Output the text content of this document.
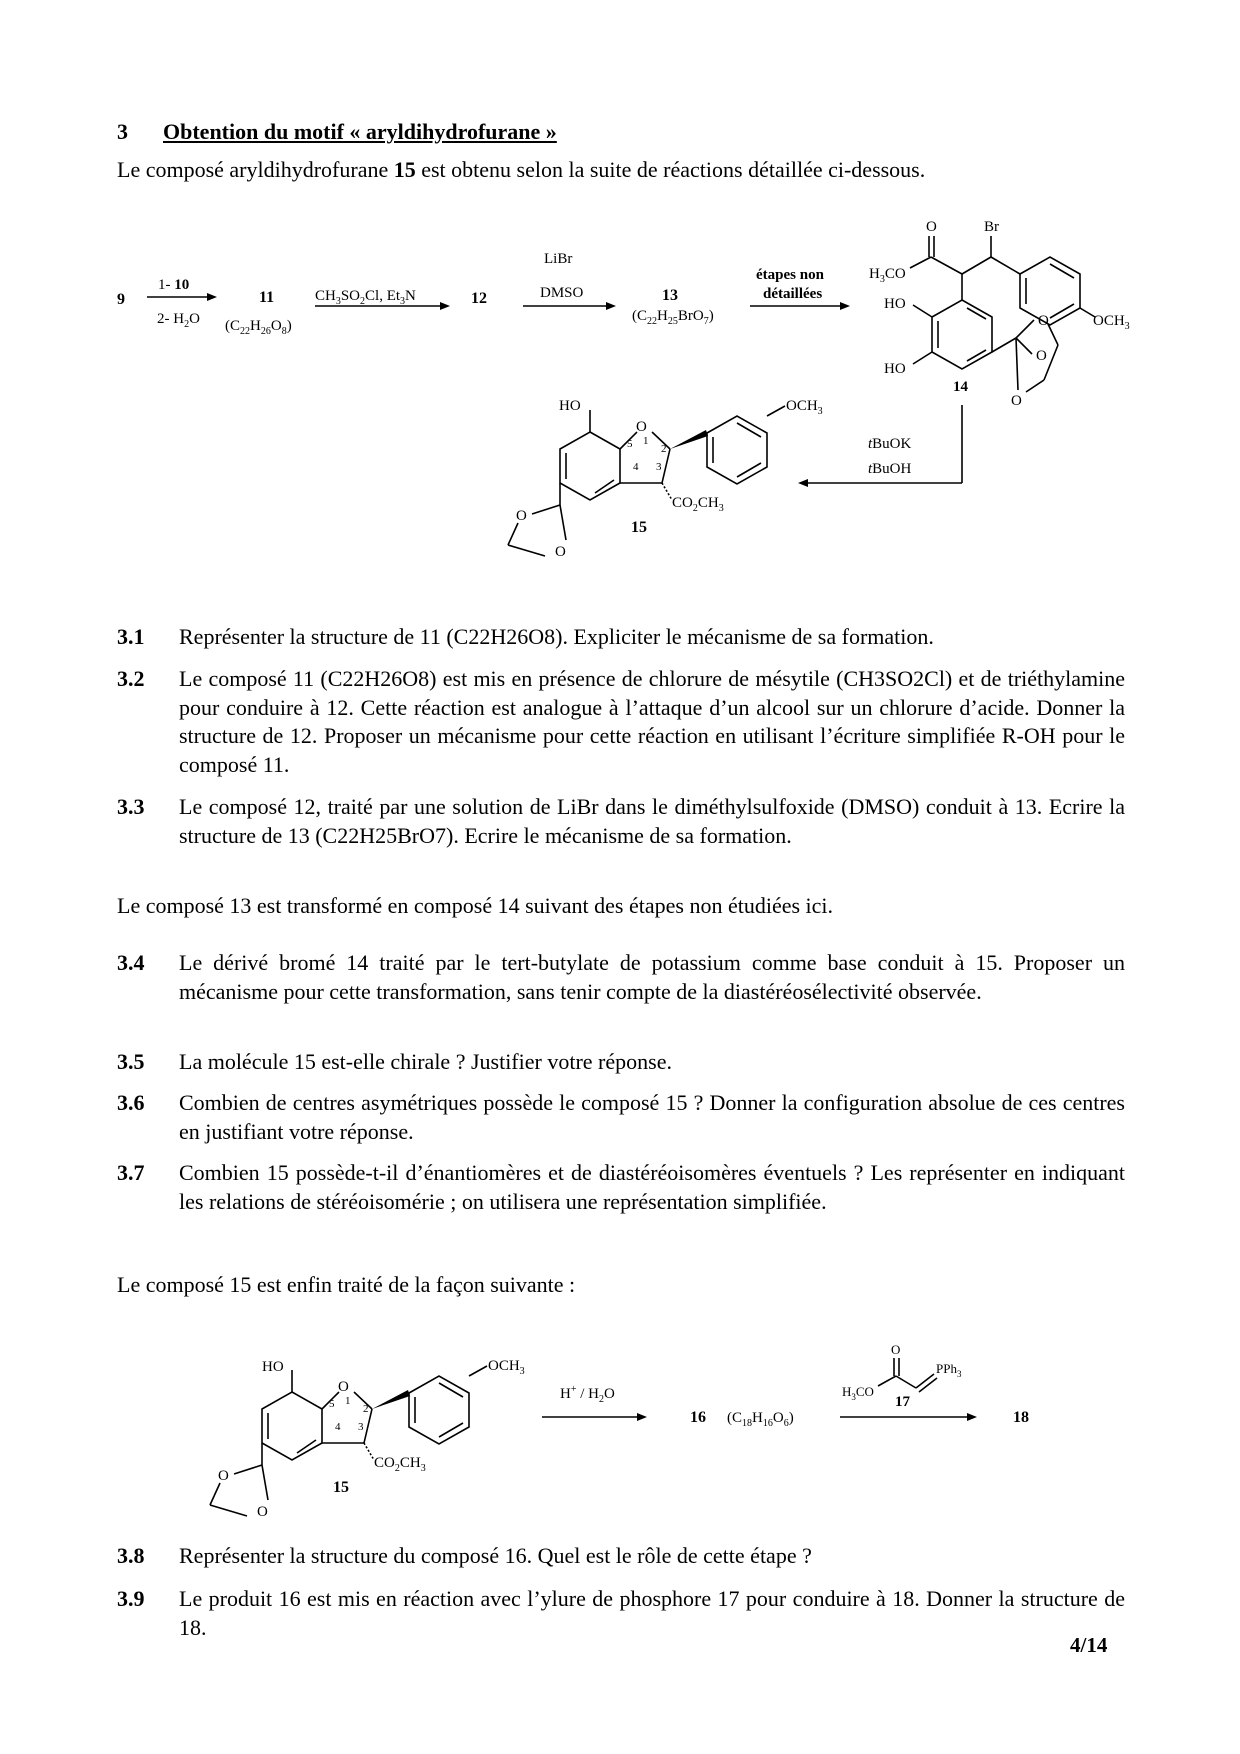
3 Obtention du motif « aryldihydrofurane »
Le composé aryldihydrofurane 15 est obtenu selon la suite de réactions détaillée ci-dessous.
9
1- 10
2- $H_2O$
11
$(C_{22}H_{26}O_8)$
$CH_3SO_2Cl$, $Et_3N$	12
LiBr
DMSO	13
$(C_{22}H_{25}BrO_7)$
étapes non
détaillées
O
$H_3CO$
Br
$OCH_3$
HO
HO
O
O
O
14
tBuOK
tBuOH
HO
O
$OCH_3$
$CO_2CH_3$
5 1
2
4 3
O
O
15
3.1 Représenter la structure de 11 (C22H26O8). Expliciter le mécanisme de sa formation.
3.2 Le composé 11 (C22H26O8) est mis en présence de chlorure de mésytile (CH3SO2Cl) et de triéthylamine pour conduire à 12. Cette réaction est analogue à l’attaque d’un alcool sur un chlorure d’acide. Donner la structure de 12. Proposer un mécanisme pour cette réaction en utilisant l’écriture simplifiée R-OH pour le composé 11.
3.3 Le composé 12, traité par une solution de LiBr dans le diméthylsulfoxide (DMSO) conduit à 13. Ecrire la structure de 13 (C22H25BrO7). Ecrire le mécanisme de sa formation.
Le composé 13 est transformé en composé 14 suivant des étapes non étudiées ici.
3.4 Le dérivé bromé 14 traité par le tert-butylate de potassium comme base conduit à 15. Proposer un mécanisme pour cette transformation, sans tenir compte de la diastéréosélectivité observée.
3.5 La molécule 15 est-elle chirale ? Justifier votre réponse.
3.6 Combien de centres asymétriques possède le composé 15 ? Donner la configuration absolue de ces centres en justifiant votre réponse.
3.7 Combien 15 possède-t-il d’énantiomères et de diastéréoisomères éventuels ? Les représenter en indiquant les relations de stéréoisomérie ; on utilisera une représentation simplifiée.
Le composé 15 est enfin traité de la façon suivante :
HO
O
$OCH_3$
$CO_2CH_3$
5 1
2
4 3
O
O
15
$H^+ / H_2O$
16 $(C_{18}H_{16}O_6)$
O
$H_3CO$
PPh$_3$
17
18
3.8 Représenter la structure du composé 16. Quel est le rôle de cette étape ?
3.9 Le produit 16 est mis en réaction avec l’ylure de phosphore 17 pour conduire à 18. Donner la structure de 18.
4/14
